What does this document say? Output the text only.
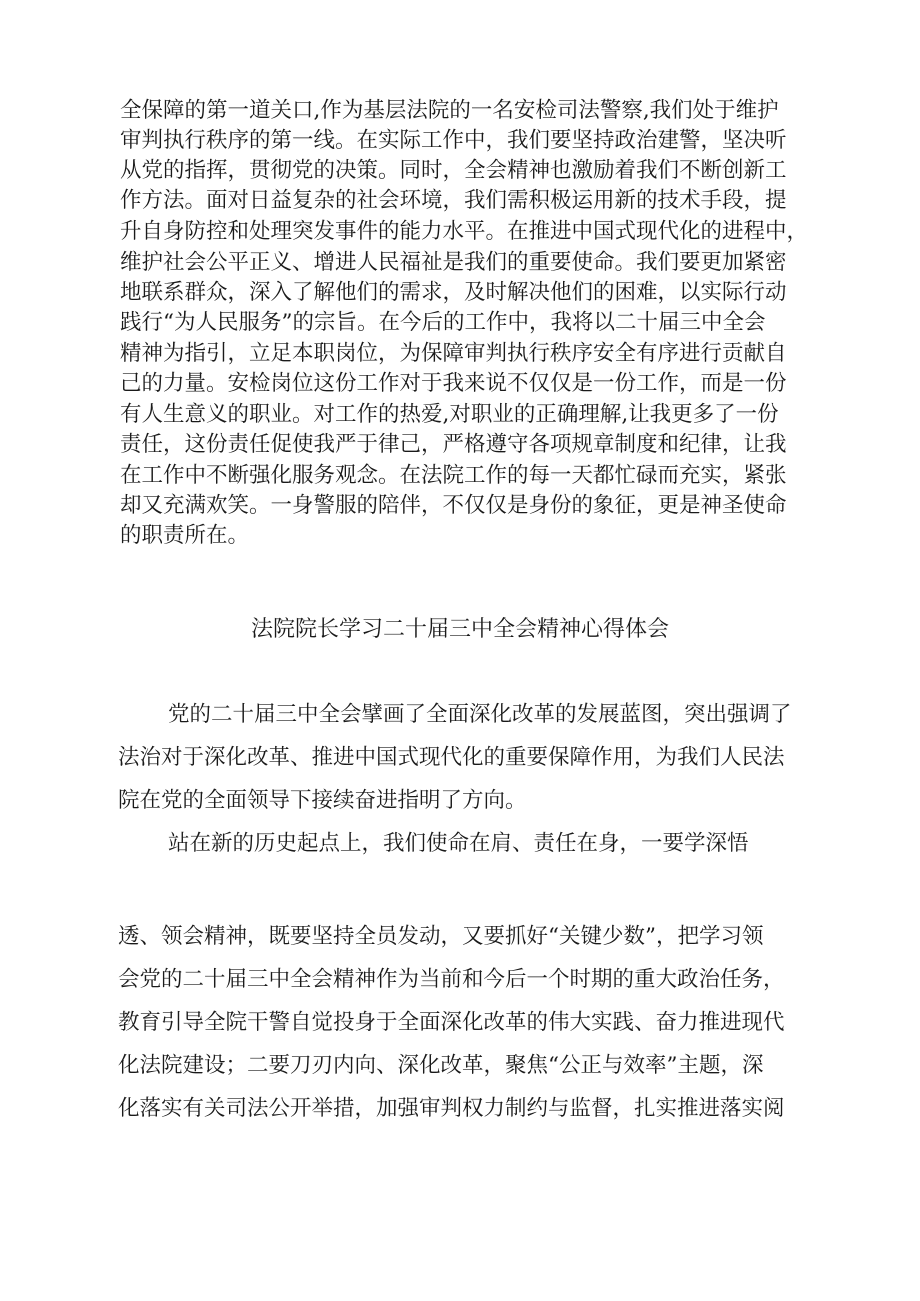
全保障的第一道关口,作为基层法院的一名安检司法警察,我们处于维护
审判执行秩序的第一线。在实际工作中，我们要坚持政治建警，坚决听
从党的指挥，贯彻党的决策。同时，全会精神也激励着我们不断创新工
作方法。面对日益复杂的社会环境，我们需积极运用新的技术手段，提
升自身防控和处理突发事件的能力水平。在推进中国式现代化的进程中，
维护社会公平正义、增进人民福祉是我们的重要使命。我们要更加紧密
地联系群众，深入了解他们的需求，及时解决他们的困难，以实际行动
践行“为人民服务”的宗旨。在今后的工作中，我将以二十届三中全会
精神为指引，立足本职岗位，为保障审判执行秩序安全有序进行贡献自
己的力量。安检岗位这份工作对于我来说不仅仅是一份工作，而是一份
有人生意义的职业。对工作的热爱,对职业的正确理解,让我更多了一份
责任，这份责任促使我严于律己，严格遵守各项规章制度和纪律，让我
在工作中不断强化服务观念。在法院工作的每一天都忙碌而充实，紧张
却又充满欢笑。一身警服的陪伴，不仅仅是身份的象征，更是神圣使命
的职责所在。
法院院长学习二十届三中全会精神心得体会
党的二十届三中全会擘画了全面深化改革的发展蓝图，突出强调了
法治对于深化改革、推进中国式现代化的重要保障作用，为我们人民法
院在党的全面领导下接续奋进指明了方向。
站在新的历史起点上，我们使命在肩、责任在身，一要学深悟
透、领会精神，既要坚持全员发动，又要抓好“关键少数”，把学习领
会党的二十届三中全会精神作为当前和今后一个时期的重大政治任务，
教育引导全院干警自觉投身于全面深化改革的伟大实践、奋力推进现代
化法院建设；二要刀刃内向、深化改革，聚焦“公正与效率”主题，深
化落实有关司法公开举措，加强审判权力制约与监督，扎实推进落实阅
